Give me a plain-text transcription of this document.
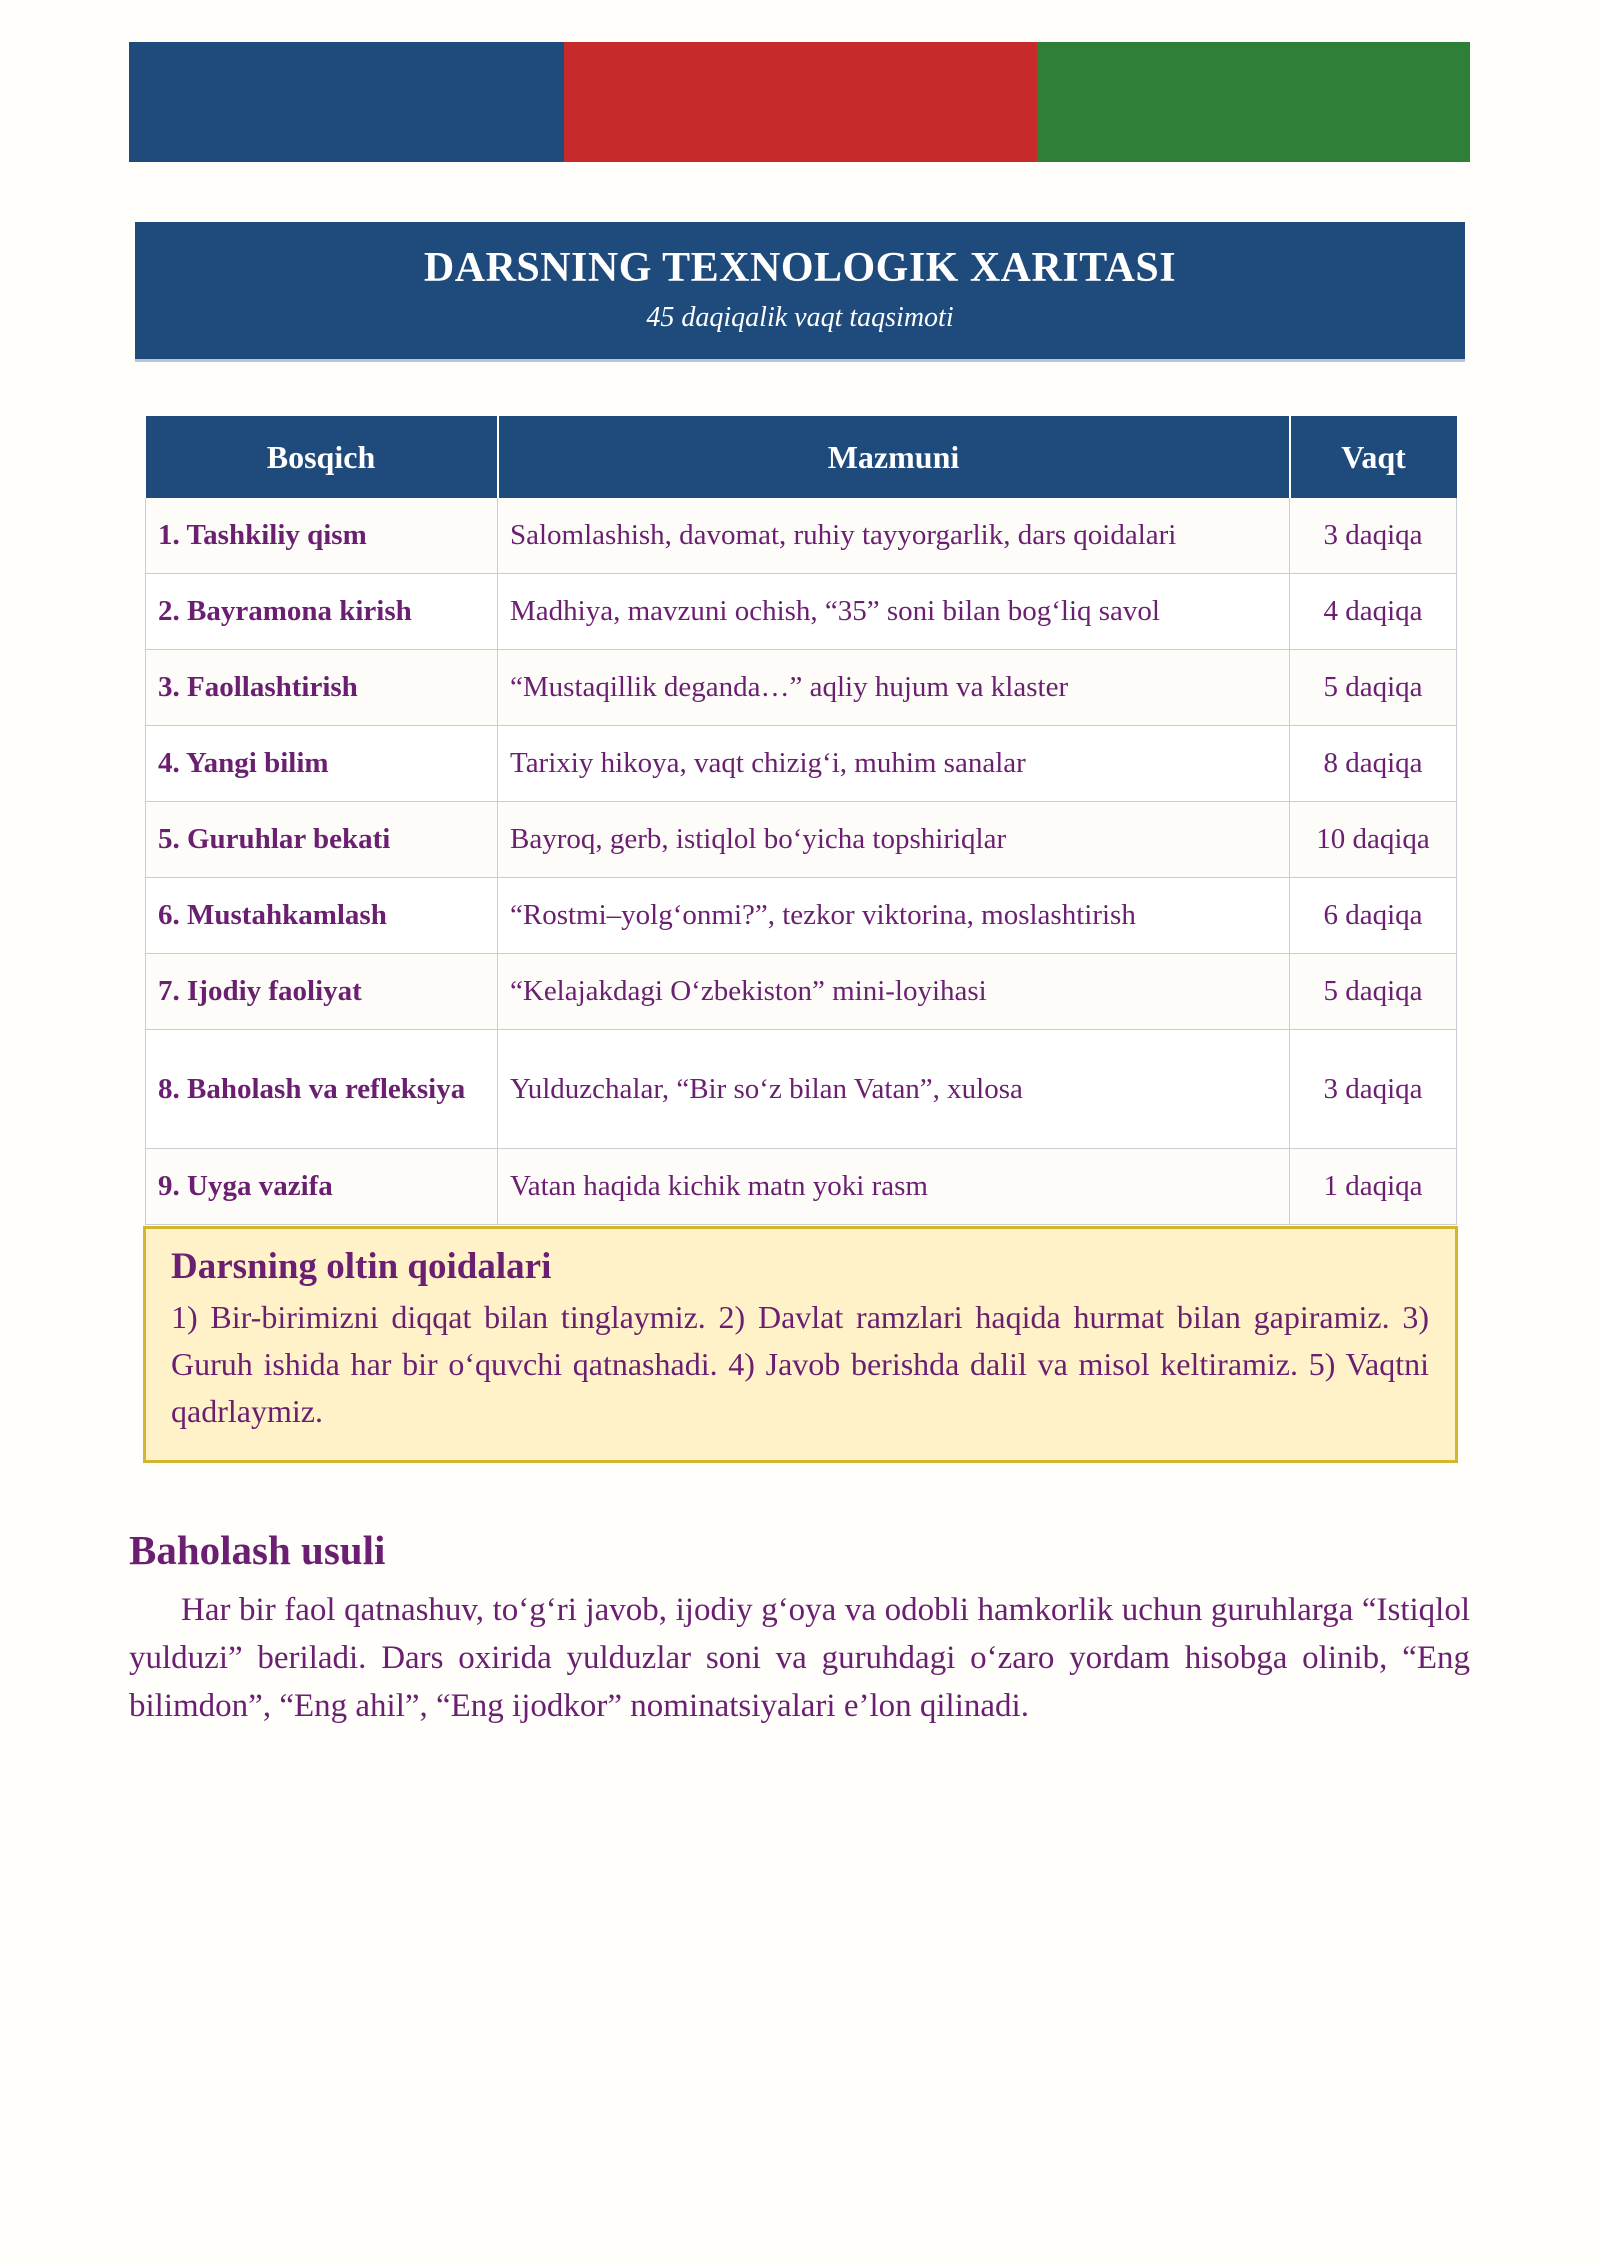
DARSNING TEXNOLOGIK XARITASI
45 daqiqalik vaqt taqsimoti
Bosqich	Mazmuni	Vaqt
1. Tashkiliy qism	Salomlashish, davomat, ruhiy tayyorgarlik, dars qoidalari	3 daqiqa
2. Bayramona kirish	Madhiya, mavzuni ochish, “35” soni bilan bog‘liq savol	4 daqiqa
3. Faollashtirish	“Mustaqillik deganda…” aqliy hujum va klaster	5 daqiqa
4. Yangi bilim	Tarixiy hikoya, vaqt chizig‘i, muhim sanalar	8 daqiqa
5. Guruhlar bekati	Bayroq, gerb, istiqlol bo‘yicha topshiriqlar	10 daqiqa
6. Mustahkamlash	“Rostmi–yolg‘onmi?”, tezkor viktorina, moslashtirish	6 daqiqa
7. Ijodiy faoliyat	“Kelajakdagi O‘zbekiston” mini-loyihasi	5 daqiqa
8. Baholash va refleksiya	Yulduzchalar, “Bir so‘z bilan Vatan”, xulosa	3 daqiqa
9. Uyga vazifa	Vatan haqida kichik matn yoki rasm	1 daqiqa
Darsning oltin qoidalari
1) Bir-birimizni diqqat bilan tinglaymiz. 2) Davlat ramzlari haqida hurmat bilan gapiramiz. 3) Guruh ishida har bir o‘quvchi qatnashadi. 4) Javob berishda dalil va misol keltiramiz. 5) Vaqtni qadrlaymiz.
Baholash usuli
Har bir faol qatnashuv, to‘g‘ri javob, ijodiy g‘oya va odobli hamkorlik uchun guruhlarga “Istiqlol yulduzi” beriladi. Dars oxirida yulduzlar soni va guruhdagi o‘zaro yordam hisobga olinib, “Eng bilimdon”, “Eng ahil”, “Eng ijodkor” nominatsiyalari e’lon qilinadi.
